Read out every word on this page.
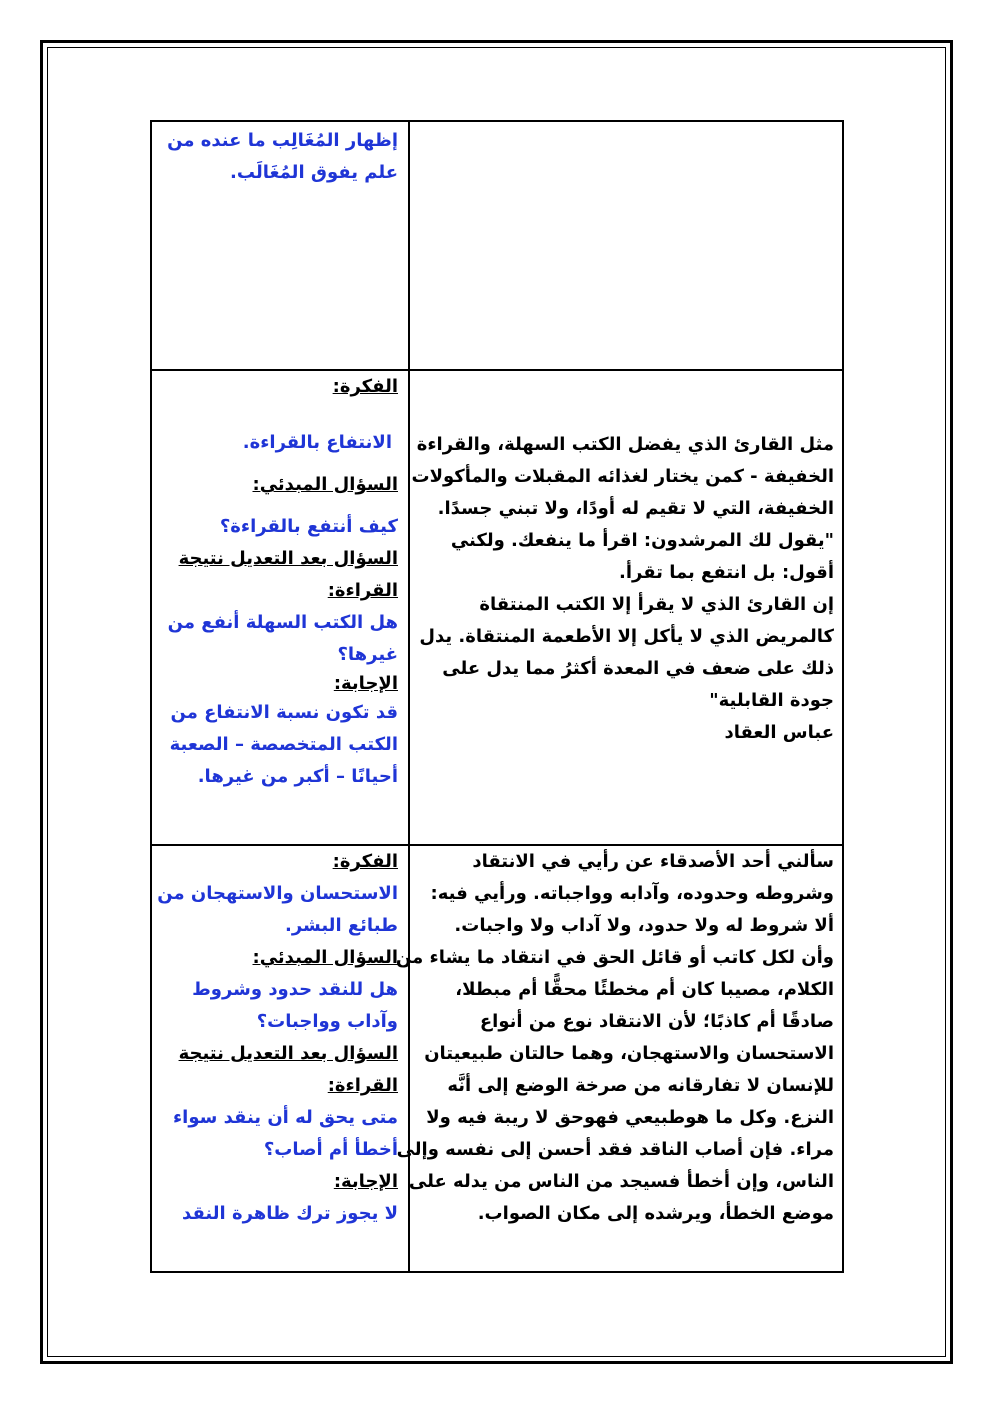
إظهار المُغَالِب ما عنده من
علم يفوق المُغَالَب.
الفكرة:
الانتفاع بالقراءة.
السؤال المبدئي:
كيف أنتفع بالقراءة؟
السؤال بعد التعديل نتيجة
القراءة:
هل الكتب السهلة أنفع من
غيرها؟
الإجابة:
قد تكون نسبة الانتفاع من
الكتب المتخصصة – الصعبة
أحيانًا – أكبر من غيرها.
مثل القارئ الذي يفضل الكتب السهلة، والقراءة
الخفيفة - كمن يختار لغذائه المقبلات والمأكولات
الخفيفة، التي لا تقيم له أودًا، ولا تبني جسدًا.
"يقول لك المرشدون: اقرأ ما ينفعك. ولكني
أقول: بل انتفع بما تقرأ.
إن القارئ الذي لا يقرأ إلا الكتب المنتقاة
كالمريض الذي لا يأكل إلا الأطعمة المنتقاة. يدل
ذلك على ضعف في المعدة أكثرُ مما يدل على
جودة القابلية"
عباس العقاد
الفكرة:
الاستحسان والاستهجان من
طبائع البشر.
السؤال المبدئي:
هل للنقد حدود وشروط
وآداب وواجبات؟
السؤال بعد التعديل نتيجة
القراءة:
متى يحق له أن ينقد سواء
أخطأ أم أصاب؟
الإجابة:
لا يجوز ترك ظاهرة النقد
سألني أحد الأصدقاء عن رأيي في الانتقاد
وشروطه وحدوده، وآدابه وواجباته. ورأيي فيه:
ألا شروط له ولا حدود، ولا آداب ولا واجبات.
وأن لكل كاتب أو قائل الحق في انتقاد ما يشاء من
الكلام، مصيبا كان أم مخطئًا محقًّا أم مبطلا،
صادقًا أم كاذبًا؛ لأن الانتقاد نوع من أنواع
الاستحسان والاستهجان، وهما حالتان طبيعيتان
للإنسان لا تفارقانه من صرخة الوضع إلى أنَّه
النزع. وكل ما هوطبيعي فهوحق لا ريبة فيه ولا
مراء. فإن أصاب الناقد فقد أحسن إلى نفسه وإلى
الناس، وإن أخطأ فسيجد من الناس من يدله على
موضع الخطأ، ويرشده إلى مكان الصواب.
